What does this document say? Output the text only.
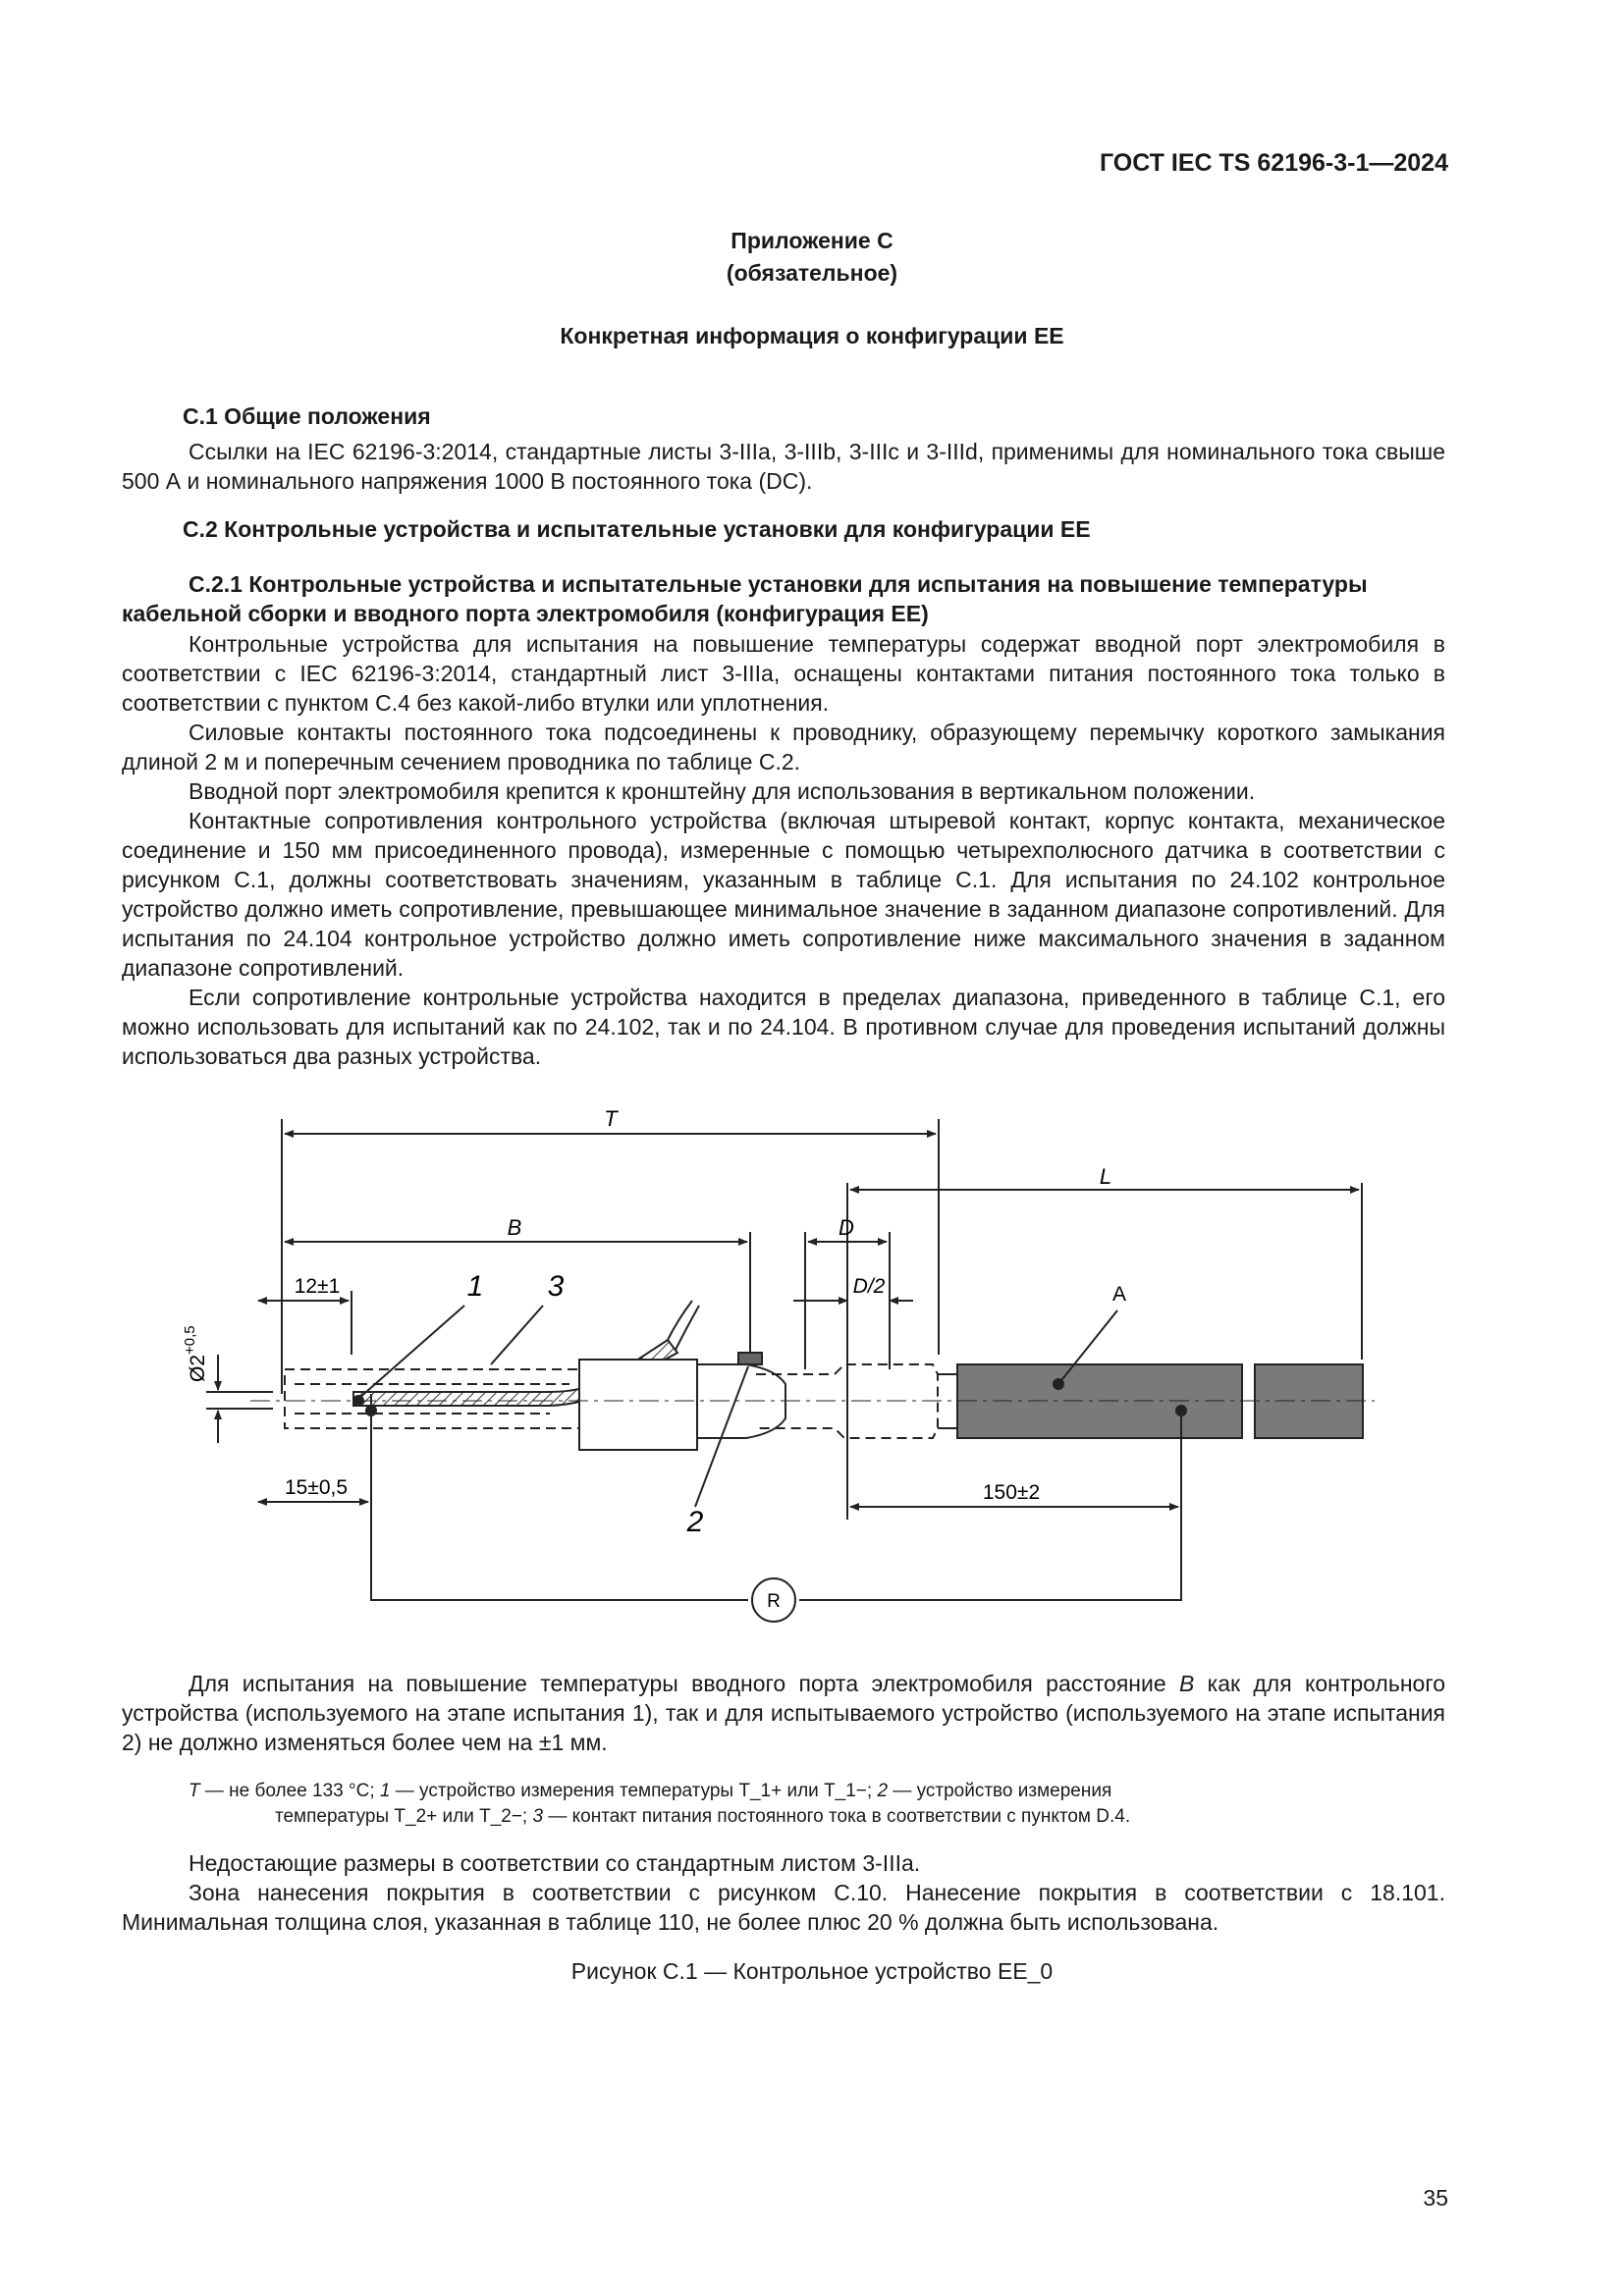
ГОСТ IEC TS 62196-3-1—2024
Приложение С
(обязательное)
Конкретная информация о конфигурации ЕЕ
С.1 Общие положения

Ссылки на IEC 62196-3:2014, стандартные листы 3-IIIa, 3-IIIb, 3-IIIc и 3-IIId, применимы для номинального тока свыше 500 А и номинального напряжения 1000 В постоянного тока (DC).

С.2 Контрольные устройства и испытательные установки для конфигурации ЕЕ

С.2.1 Контрольные устройства и испытательные установки для испытания на повышение температуры кабельной сборки и вводного порта электромобиля (конфигурация ЕЕ)

Контрольные устройства для испытания на повышение температуры содержат вводной порт электромобиля в соответствии с IEC 62196-3:2014, стандартный лист 3-IIIa, оснащены контактами питания постоянного тока только в соответствии с пунктом С.4 без какой-либо втулки или уплотнения.

Силовые контакты постоянного тока подсоединены к проводнику, образующему перемычку короткого замыкания длиной 2 м и поперечным сечением проводника по таблице С.2.

Вводной порт электромобиля крепится к кронштейну для использования в вертикальном положении.

Контактные сопротивления контрольного устройства (включая штыревой контакт, корпус контакта, механическое соединение и 150 мм присоединенного провода), измеренные с помощью четырехполюсного датчика в соответствии с рисунком С.1, должны соответствовать значениям, указанным в таблице С.1. Для испытания по 24.102 контрольное устройство должно иметь сопротивление, превышающее минимальное значение в заданном диапазоне сопротивлений. Для испытания по 24.104 контрольное устройство должно иметь сопротивление ниже максимального значения в заданном диапазоне сопротивлений.

Если сопротивление контрольные устройства находится в пределах диапазона, приведенного в таблице С.1, его можно использовать для испытаний как по 24.102, так и по 24.104. В противном случае для проведения испытаний должны использоваться два разных устройства.

T
L
B	D
D/2
12±1
15±0,5	150±2
1 3
2
A
R
Ø2
+0,5

Для испытания на повышение температуры вводного порта электромобиля расстояние B как для контрольного устройства (используемого на этапе испытания 1), так и для испытываемого устройство (используемого на этапе испытания 2) не должно изменяться более чем на ±1 мм.

T — не более 133 °C; 1 — устройство измерения температуры T_1+ или T_1−; 2 — устройство измерения
температуры T_2+ или T_2−; 3 — контакт питания постоянного тока в соответствии с пунктом D.4.

Недостающие размеры в соответствии со стандартным листом 3-IIIa.

Зона нанесения покрытия в соответствии с рисунком С.10. Нанесение покрытия в соответствии с 18.101. Минимальная толщина слоя, указанная в таблице 110, не более плюс 20 % должна быть использована.

Рисунок С.1 — Контрольное устройство ЕЕ_0
35
